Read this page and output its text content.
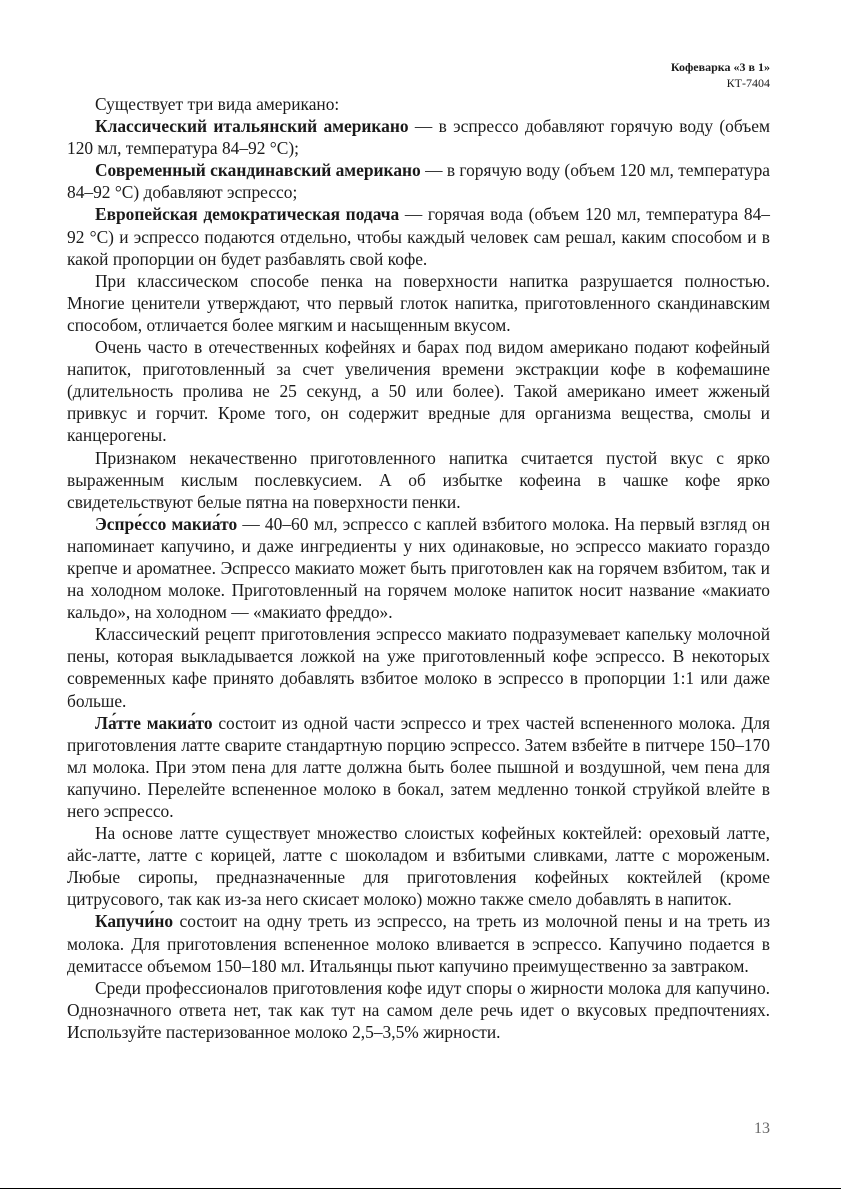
Кофеварка «3 в 1»
КТ-7404

Существует три вида американо:

Классический итальянский американо — в эспрессо добавляют горячую воду (объем 120 мл, температура 84–92 °С);

Современный скандинавский американо — в горячую воду (объем 120 мл, температура 84–92 °С) добавляют эспрессо;

Европейская демократическая подача — горячая вода (объем 120 мл, температура 84–92 °С) и эспрессо подаются отдельно, чтобы каждый человек сам решал, каким способом и в какой пропорции он будет разбавлять свой кофе.

При классическом способе пенка на поверхности напитка разрушается полностью. Многие ценители утверждают, что первый глоток напитка, приготовленного скандинавским способом, отличается более мягким и насыщенным вкусом.

Очень часто в отечественных кофейнях и барах под видом американо подают кофейный напиток, приготовленный за счет увеличения времени экстракции кофе в кофемашине (длительность пролива не 25 секунд, а 50 или более). Такой американо имеет жженый привкус и горчит. Кроме того, он содержит вредные для организма вещества, смолы и канцерогены.

Признаком некачественно приготовленного напитка считается пустой вкус с ярко выраженным кислым послевкусием. А об избытке кофеина в чашке кофе ярко свидетельствуют белые пятна на поверхности пенки.

Эспре́ссо макиа́то — 40–60 мл, эспрессо с каплей взбитого молока. На первый взгляд он напоминает капучино, и даже ингредиенты у них одинаковые, но эспрессо макиато гораздо крепче и ароматнее. Эспрессо макиато может быть приготовлен как на горячем взбитом, так и на холодном молоке. Приготовленный на горячем молоке напиток носит название «макиато кальдо», на холодном — «макиато фреддо».

Классический рецепт приготовления эспрессо макиато подразумевает капельку молочной пены, которая выкладывается ложкой на уже приготовленный кофе эспрессо. В некоторых современных кафе принято добавлять взбитое молоко в эспрессо в пропорции 1:1 или даже больше.

Ла́тте макиа́то состоит из одной части эспрессо и трех частей вспененного молока. Для приготовления латте сварите стандартную порцию эспрессо. Затем взбейте в питчере 150–170 мл молока. При этом пена для латте должна быть более пышной и воздушной, чем пена для капучино. Перелейте вспененное молоко в бокал, затем медленно тонкой струйкой влейте в него эспрессо.

На основе латте существует множество слоистых кофейных коктейлей: ореховый латте, айс-латте, латте с корицей, латте с шоколадом и взбитыми сливками, латте с мороженым. Любые сиропы, предназначенные для приготовления кофейных коктейлей (кроме цитрусового, так как из-за него скисает молоко) можно также смело добавлять в напиток.

Капучи́но состоит на одну треть из эспрессо, на треть из молочной пены и на треть из молока. Для приготовления вспененное молоко вливается в эспрессо. Капучино подается в демитассе объемом 150–180 мл. Итальянцы пьют капучино преимущественно за завтраком.

Среди профессионалов приготовления кофе идут споры о жирности молока для капучино. Однозначного ответа нет, так как тут на самом деле речь идет о вкусовых предпочтениях. Используйте пастеризованное молоко 2,5–3,5% жирности.

13
